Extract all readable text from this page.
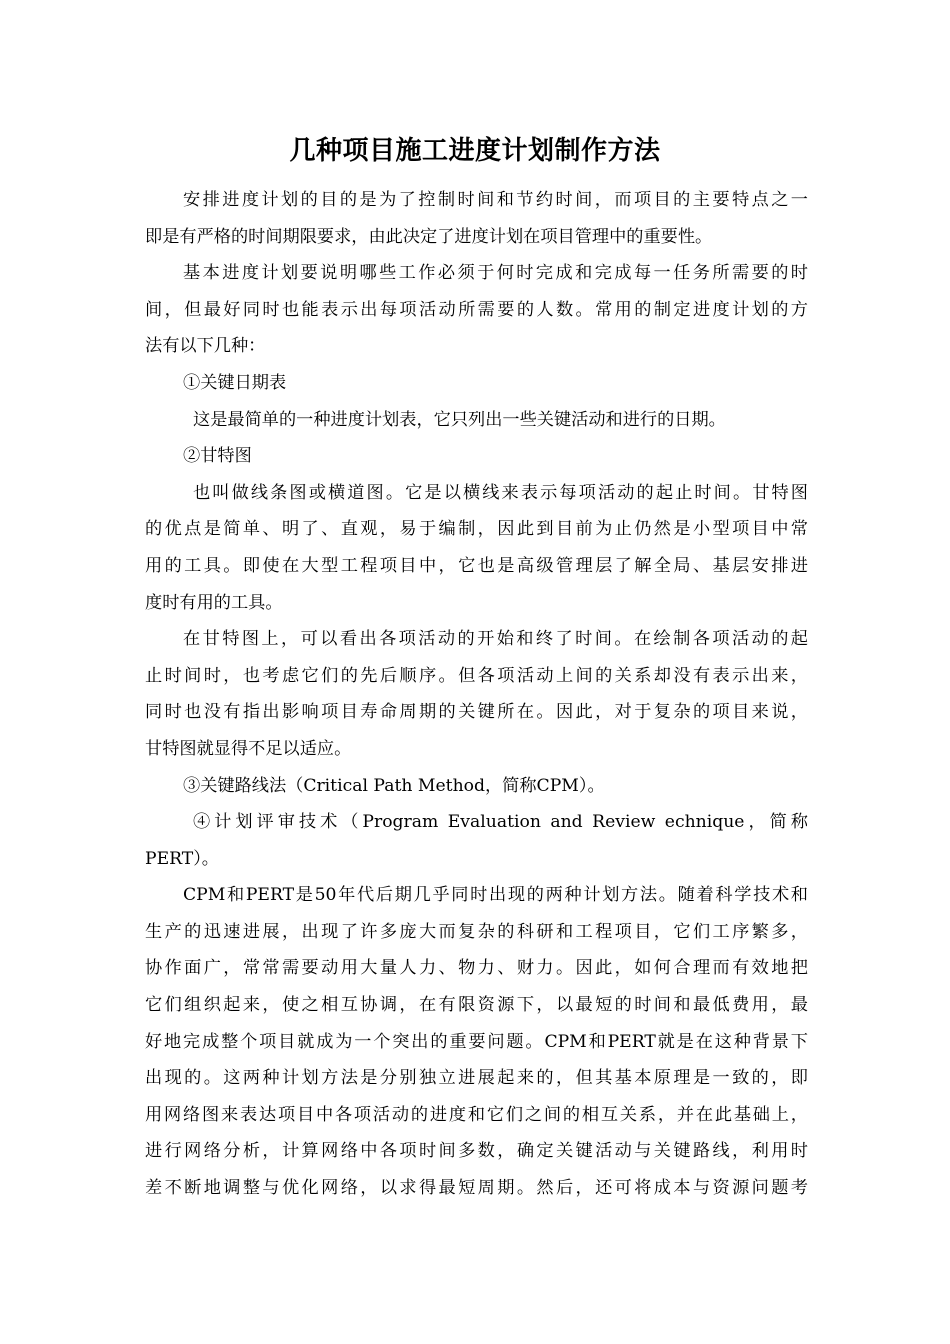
几种项目施工进度计划制作方法
安排进度计划的目的是为了控制时间和节约时间，而项目的主要特点之一
即是有严格的时间期限要求，由此决定了进度计划在项目管理中的重要性。
基本进度计划要说明哪些工作必须于何时完成和完成每一任务所需要的时
间，但最好同时也能表示出每项活动所需要的人数。常用的制定进度计划的方
法有以下几种：
①关键日期表
这是最简单的一种进度计划表，它只列出一些关键活动和进行的日期。
②甘特图
也叫做线条图或横道图。它是以横线来表示每项活动的起止时间。甘特图
的优点是简单、明了、直观，易于编制，因此到目前为止仍然是小型项目中常
用的工具。即使在大型工程项目中，它也是高级管理层了解全局、基层安排进
度时有用的工具。
在甘特图上，可以看出各项活动的开始和终了时间。在绘制各项活动的起
止时间时，也考虑它们的先后顺序。但各项活动上间的关系却没有表示出来，
同时也没有指出影响项目寿命周期的关键所在。因此，对于复杂的项目来说，
甘特图就显得不足以适应。
③关键路线法（Critical Path Method，简称CPM）。
④计划评审技术（Program Evaluation and Review echnique，简称
PERT）。
CPM和PERT是50年代后期几乎同时出现的两种计划方法。随着科学技术和
生产的迅速进展，出现了许多庞大而复杂的科研和工程项目，它们工序繁多，
协作面广，常常需要动用大量人力、物力、财力。因此，如何合理而有效地把
它们组织起来，使之相互协调，在有限资源下，以最短的时间和最低费用，最
好地完成整个项目就成为一个突出的重要问题。CPM和PERT就是在这种背景下
出现的。这两种计划方法是分别独立进展起来的，但其基本原理是一致的，即
用网络图来表达项目中各项活动的进度和它们之间的相互关系，并在此基础上，
进行网络分析，计算网络中各项时间多数，确定关键活动与关键路线，利用时
差不断地调整与优化网络，以求得最短周期。然后，还可将成本与资源问题考
